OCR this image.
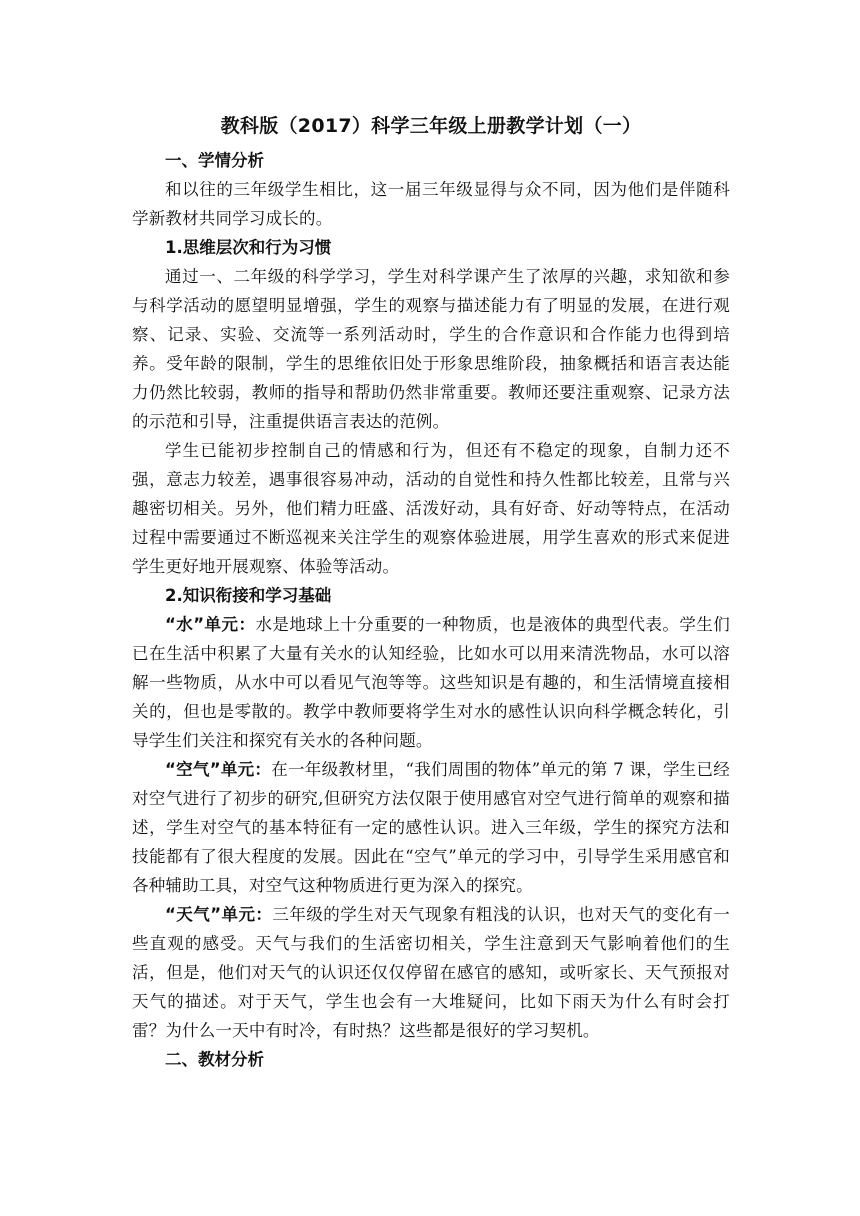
教科版（2017）科学三年级上册教学计划（一）

一、学情分析

和以往的三年级学生相比，这一届三年级显得与众不同，因为他们是伴随科学新教材共同学习成长的。

1.思维层次和行为习惯

通过一、二年级的科学学习，学生对科学课产生了浓厚的兴趣，求知欲和参与科学活动的愿望明显增强，学生的观察与描述能力有了明显的发展，在进行观察、记录、实验、交流等一系列活动时，学生的合作意识和合作能力也得到培养。受年龄的限制，学生的思维依旧处于形象思维阶段，抽象概括和语言表达能力仍然比较弱，教师的指导和帮助仍然非常重要。教师还要注重观察、记录方法的示范和引导，注重提供语言表达的范例。

学生已能初步控制自己的情感和行为，但还有不稳定的现象，自制力还不强，意志力较差，遇事很容易冲动，活动的自觉性和持久性都比较差，且常与兴趣密切相关。另外，他们精力旺盛、活泼好动，具有好奇、好动等特点，在活动过程中需要通过不断巡视来关注学生的观察体验进展，用学生喜欢的形式来促进学生更好地开展观察、体验等活动。

2.知识衔接和学习基础

“水”单元：水是地球上十分重要的一种物质，也是液体的典型代表。学生们已在生活中积累了大量有关水的认知经验，比如水可以用来清洗物品，水可以溶解一些物质，从水中可以看见气泡等等。这些知识是有趣的，和生活情境直接相关的，但也是零散的。教学中教师要将学生对水的感性认识向科学概念转化，引导学生们关注和探究有关水的各种问题。

“空气”单元：在一年级教材里，“我们周围的物体”单元的第 7 课，学生已经对空气进行了初步的研究,但研究方法仅限于使用感官对空气进行简单的观察和描述，学生对空气的基本特征有一定的感性认识。进入三年级，学生的探究方法和技能都有了很大程度的发展。因此在“空气”单元的学习中，引导学生采用感官和各种辅助工具，对空气这种物质进行更为深入的探究。

“天气”单元：三年级的学生对天气现象有粗浅的认识，也对天气的变化有一些直观的感受。天气与我们的生活密切相关，学生注意到天气影响着他们的生活，但是，他们对天气的认识还仅仅停留在感官的感知，或听家长、天气预报对天气的描述。对于天气，学生也会有一大堆疑问，比如下雨天为什么有时会打雷？为什么一天中有时冷，有时热？这些都是很好的学习契机。

二、教材分析
